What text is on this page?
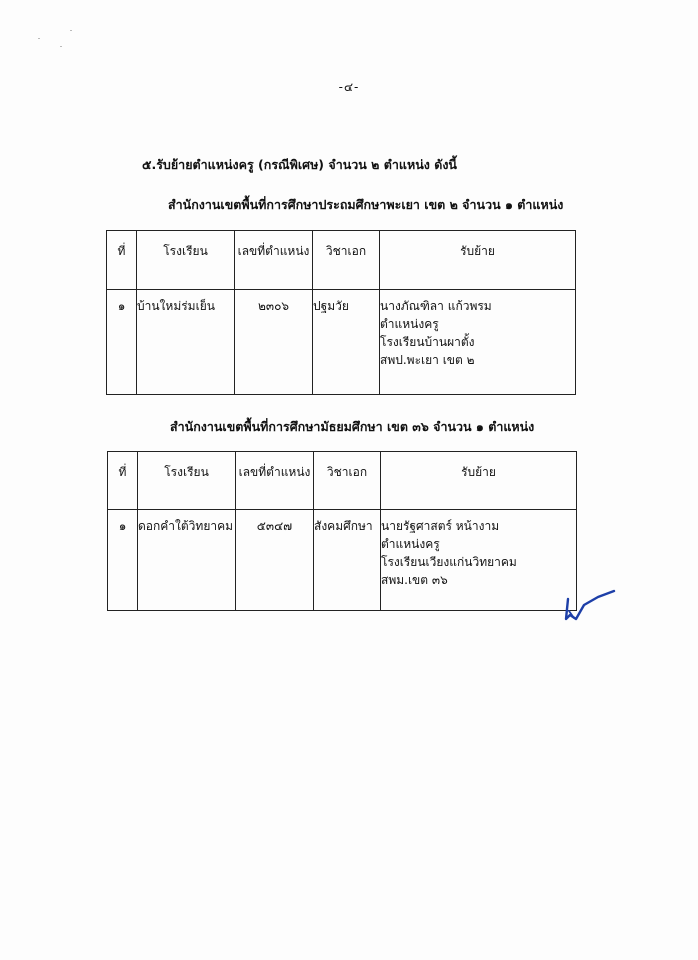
-๔-
๕.รับย้ายตำแหน่งครู (กรณีพิเศษ) จำนวน ๒ ตำแหน่ง ดังนี้
สำนักงานเขตพื้นที่การศึกษาประถมศึกษาพะเยา เขต ๒ จำนวน ๑ ตำแหน่ง
ที่	โรงเรียน	เลขที่ตำแหน่ง	วิชาเอก	รับย้าย
๑	บ้านใหม่ร่มเย็น	๒๓๐๖	ปฐมวัย	นางภัณฑิลา แก้วพรม
ตำแหน่งครู
โรงเรียนบ้านผาตั้ง
สพป.พะเยา เขต ๒
สำนักงานเขตพื้นที่การศึกษามัธยมศึกษา เขต ๓๖ จำนวน ๑ ตำแหน่ง
ที่	โรงเรียน	เลขที่ตำแหน่ง	วิชาเอก	รับย้าย
๑	ดอกคำใต้วิทยาคม	๕๓๔๗	สังคมศึกษา	นายรัฐศาสตร์ หน้างาม
ตำแหน่งครู
โรงเรียนเวียงแก่นวิทยาคม
สพม.เขต ๓๖
